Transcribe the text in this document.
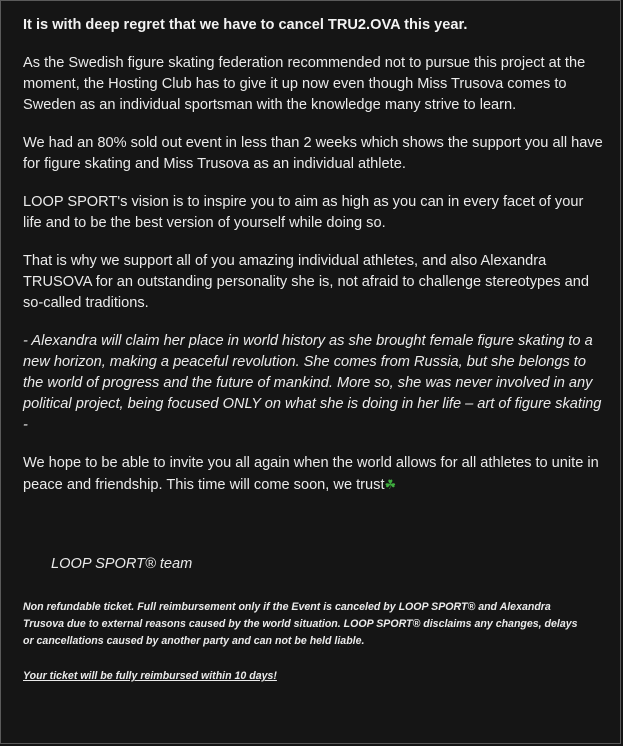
It is with deep regret that we have to cancel TRU2.OVA this year.

As the Swedish figure skating federation recommended not to pursue this project at the moment, the Hosting Club has to give it up now even though Miss Trusova comes to Sweden as an individual sportsman with the knowledge many strive to learn.

We had an 80% sold out event in less than 2 weeks which shows the support you all have for figure skating and Miss Trusova as an individual athlete.

LOOP SPORT's vision is to inspire you to aim as high as you can in every facet of your life and to be the best version of yourself while doing so.

That is why we support all of you amazing individual athletes, and also Alexandra TRUSOVA for an outstanding personality she is, not afraid to challenge stereotypes and so-called traditions.

- Alexandra will claim her place in world history as she brought female figure skating to a new horizon, making a peaceful revolution. She comes from Russia, but she belongs to the world of progress and the future of mankind. More so, she was never involved in any political project, being focused ONLY on what she is doing in her life – art of figure skating -

We hope to be able to invite you all again when the world allows for all athletes to unite in peace and friendship. This time will come soon, we trust☘

LOOP SPORT® team

Non refundable ticket. Full reimbursement only if the Event is canceled by LOOP SPORT® and Alexandra Trusova due to external reasons caused by the world situation. LOOP SPORT® disclaims any changes, delays or cancellations caused by another party and can not be held liable.

Your ticket will be fully reimbursed within 10 days!
